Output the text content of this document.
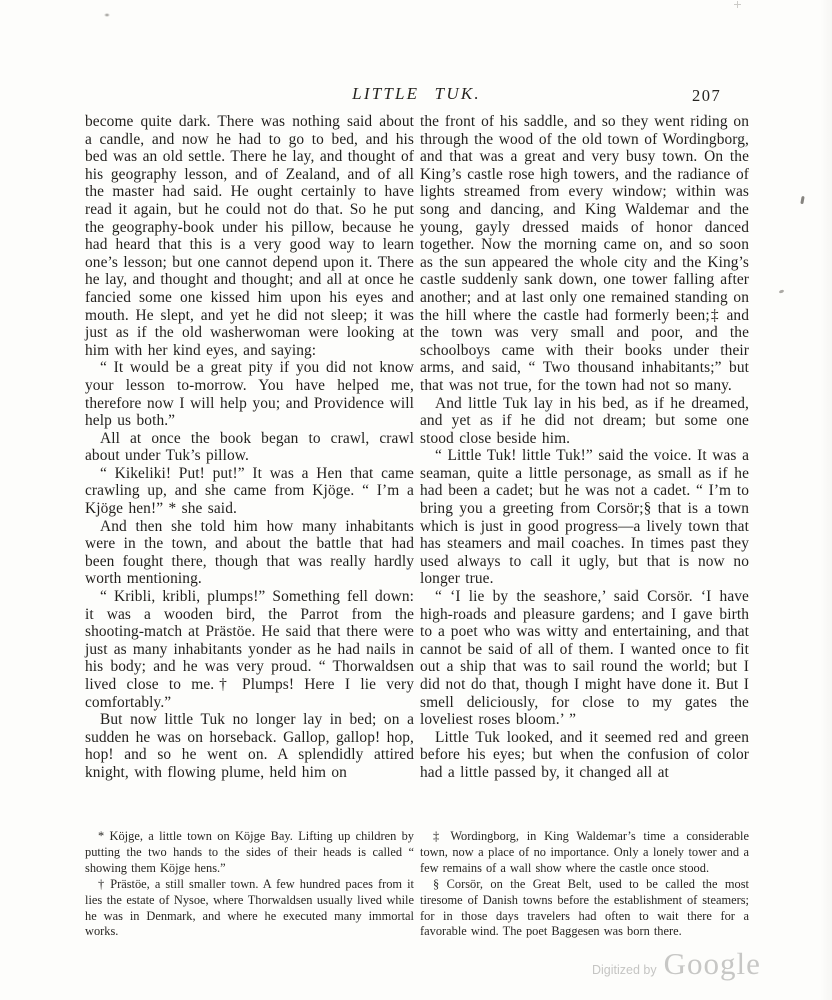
LITTLE TUK.	207

become quite dark. There was nothing said about a candle, and now he had to go to bed, and his bed was an old settle. There he lay, and thought of his geography lesson, and of Zealand, and of all the master had said. He ought certainly to have read it again, but he could not do that. So he put the geography-book under his pillow, because he had heard that this is a very good way to learn one’s lesson; but one cannot depend upon it. There he lay, and thought and thought; and all at once he fancied some one kissed him upon his eyes and mouth. He slept, and yet he did not sleep; it was just as if the old washerwoman were looking at him with her kind eyes, and saying:

“ It would be a great pity if you did not know your lesson to-morrow. You have helped me, therefore now I will help you; and Providence will help us both.”

All at once the book began to crawl, crawl about under Tuk’s pillow.

“ Kikeliki! Put! put!” It was a Hen that came crawling up, and she came from Kjöge. “ I’m a Kjöge hen!” * she said.

And then she told him how many inhabitants were in the town, and about the battle that had been fought there, though that was really hardly worth mentioning.

“ Kribli, kribli, plumps!” Something fell down: it was a wooden bird, the Parrot from the shooting-match at Prästöe. He said that there were just as many inhabitants yonder as he had nails in his body; and he was very proud. “ Thorwaldsen lived close to me.† Plumps! Here I lie very comfortably.”

But now little Tuk no longer lay in bed; on a sudden he was on horseback. Gallop, gallop! hop, hop! and so he went on. A splendidly attired knight, with flowing plume, held him on

the front of his saddle, and so they went riding on through the wood of the old town of Wordingborg, and that was a great and very busy town. On the King’s castle rose high towers, and the radiance of lights streamed from every window; within was song and dancing, and King Waldemar and the young, gayly dressed maids of honor danced together. Now the morning came on, and so soon as the sun appeared the whole city and the King’s castle suddenly sank down, one tower falling after another; and at last only one remained standing on the hill where the castle had formerly been;‡ and the town was very small and poor, and the schoolboys came with their books under their arms, and said, “ Two thousand inhabitants;” but that was not true, for the town had not so many.

And little Tuk lay in his bed, as if he dreamed, and yet as if he did not dream; but some one stood close beside him.

“ Little Tuk! little Tuk!” said the voice. It was a seaman, quite a little personage, as small as if he had been a cadet; but he was not a cadet. “ I’m to bring you a greeting from Corsör;§ that is a town which is just in good progress—a lively town that has steamers and mail coaches. In times past they used always to call it ugly, but that is now no longer true.

“ ‘I lie by the seashore,’ said Corsör. ‘I have high-roads and pleasure gardens; and I gave birth to a poet who was witty and entertaining, and that cannot be said of all of them. I wanted once to fit out a ship that was to sail round the world; but I did not do that, though I might have done it. But I smell deliciously, for close to my gates the loveliest roses bloom.’ ”

Little Tuk looked, and it seemed red and green before his eyes; but when the confusion of color had a little passed by, it changed all at

* Köjge, a little town on Köjge Bay. Lifting up children by putting the two hands to the sides of their heads is called “ showing them Köjge hens.”

† Prästöe, a still smaller town. A few hundred paces from it lies the estate of Nysoe, where Thorwaldsen usually lived while he was in Denmark, and where he executed many immortal works.

‡ Wordingborg, in King Waldemar’s time a considerable town, now a place of no importance. Only a lonely tower and a few remains of a wall show where the castle once stood.

§ Corsör, on the Great Belt, used to be called the most tiresome of Danish towns before the establishment of steamers; for in those days travelers had often to wait there for a favorable wind. The poet Baggesen was born there.

Digitized by Google
